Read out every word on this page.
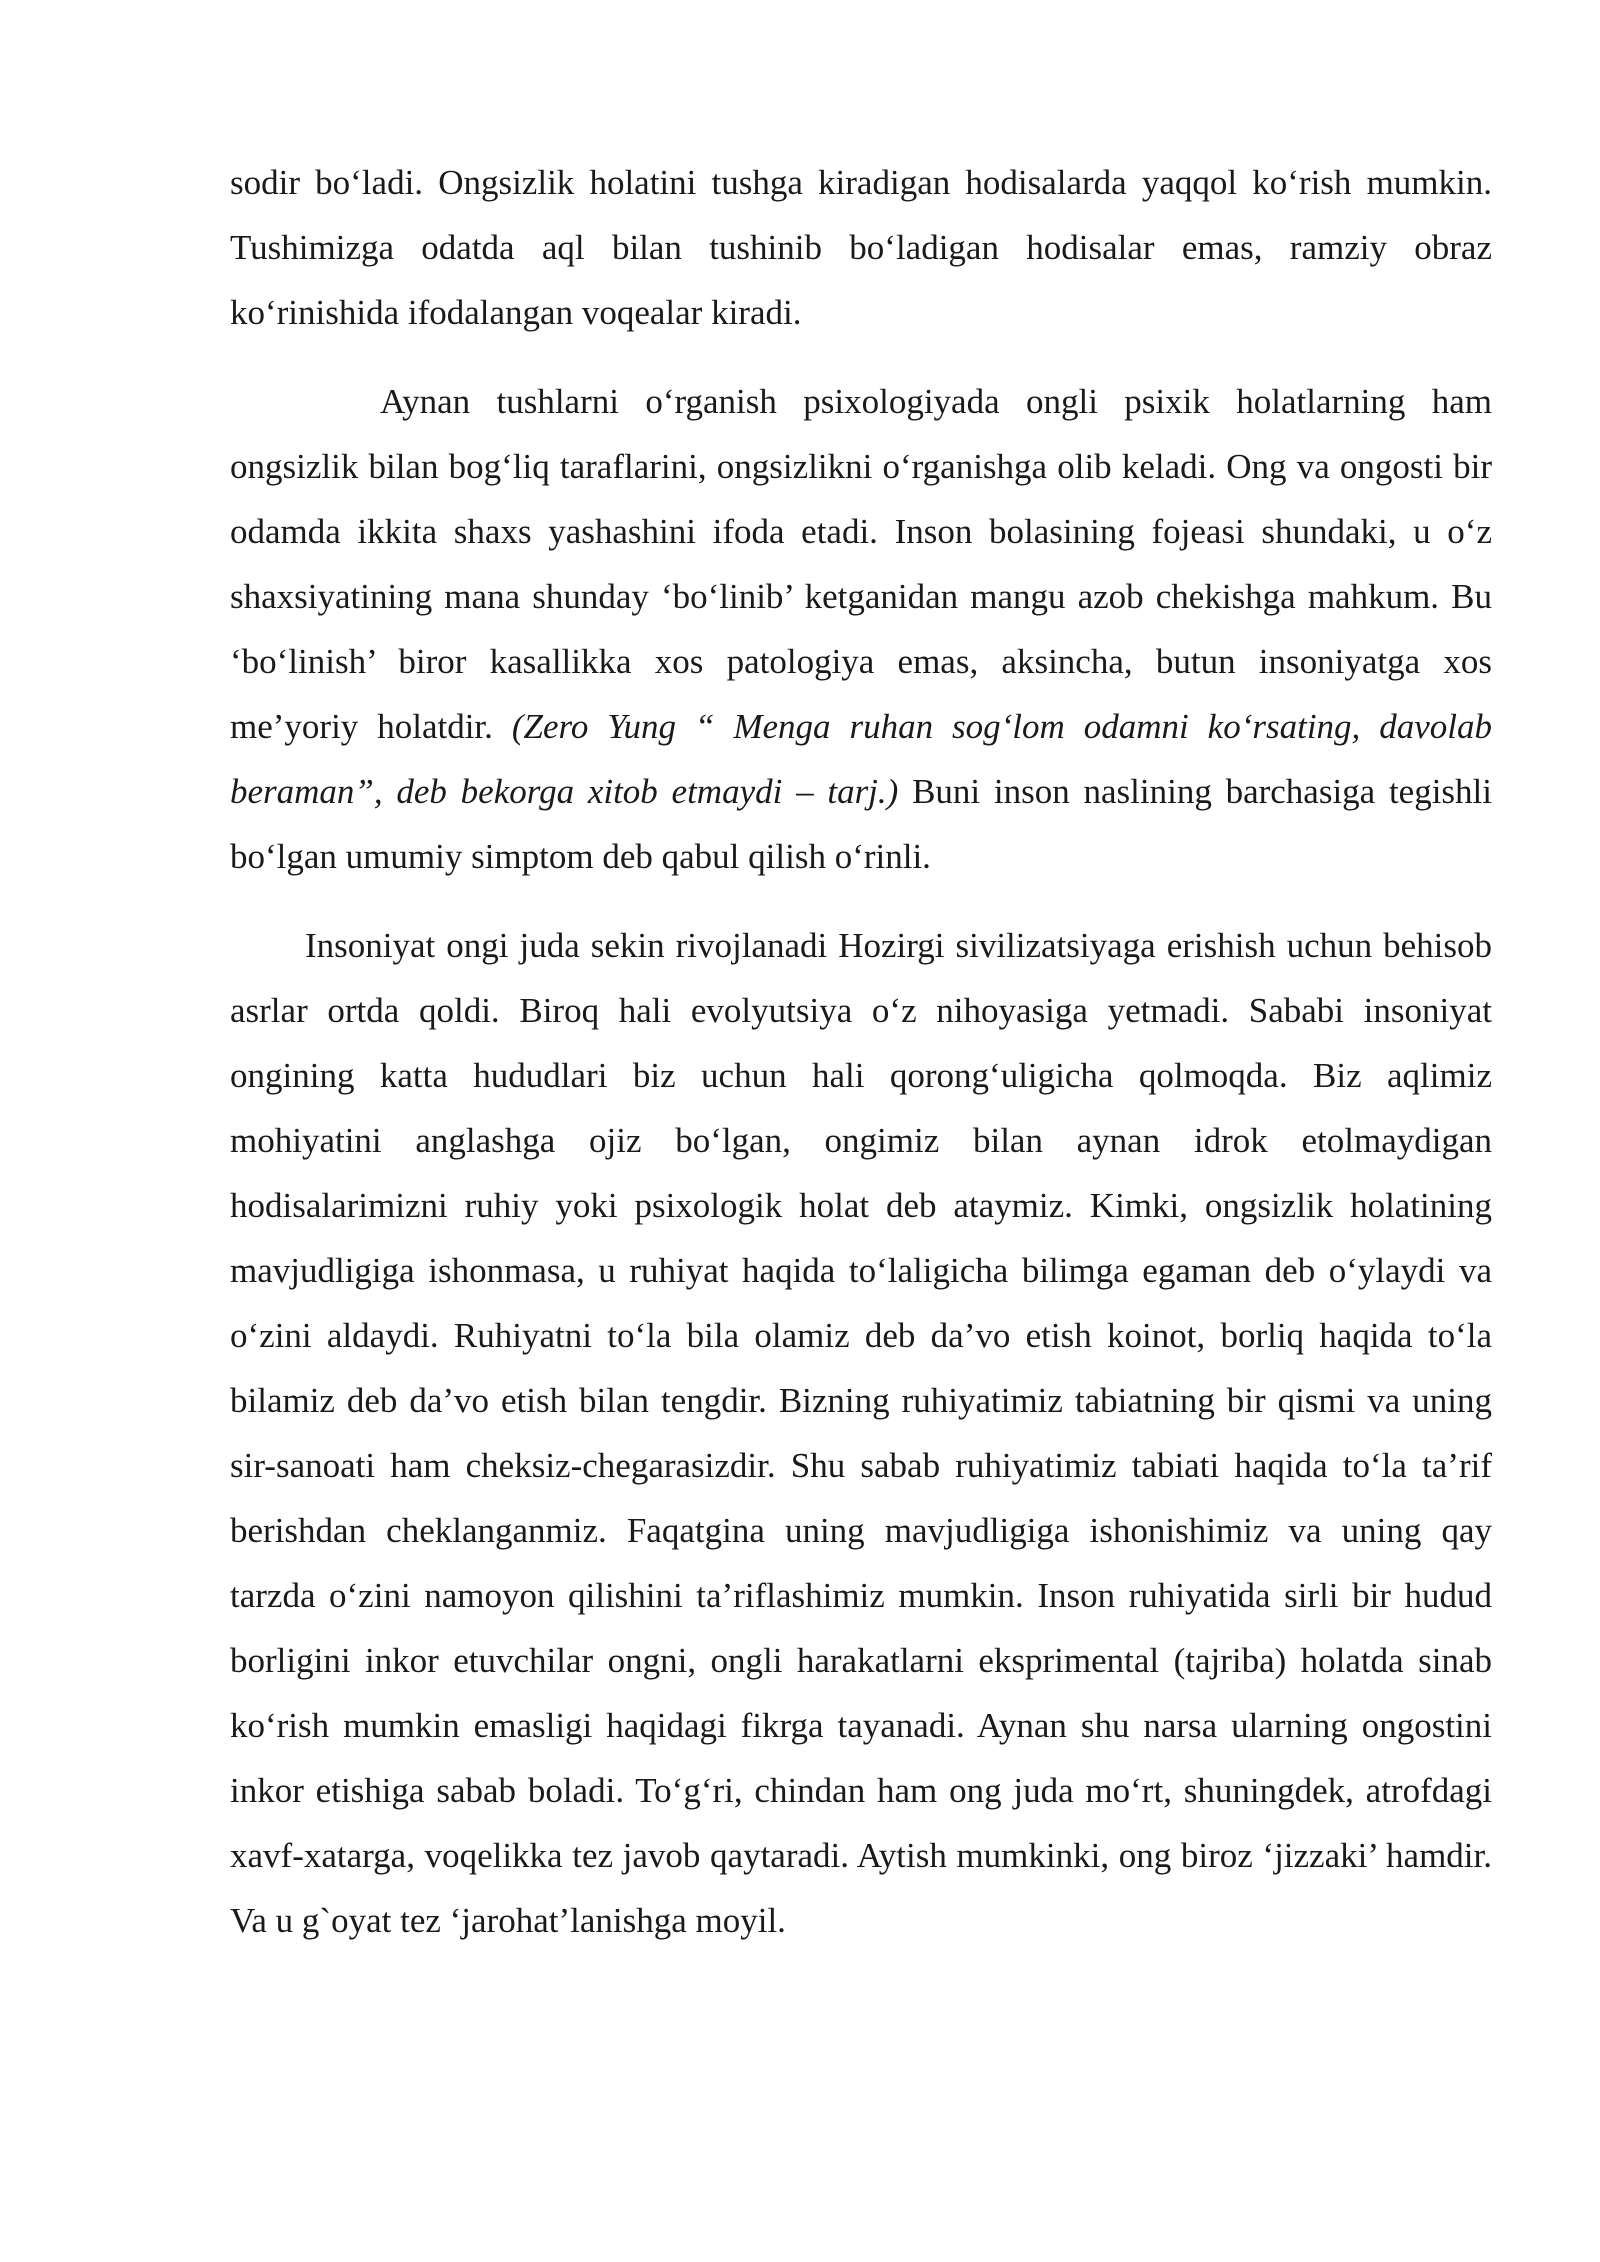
sodir bo‘ladi. Ongsizlik holatini tushga kiradigan hodisalarda yaqqol ko‘rish mumkin. Tushimizga odatda aql bilan tushinib bo‘ladigan hodisalar emas, ramziy obraz ko‘rinishida ifodalangan voqealar kiradi.

Aynan tushlarni o‘rganish psixologiyada ongli psixik holatlarning ham ongsizlik bilan bog‘liq taraflarini, ongsizlikni o‘rganishga olib keladi. Ong va ongosti bir odamda ikkita shaxs yashashini ifoda etadi. Inson bolasining fojeasi shundaki, u o‘z shaxsiyatining mana shunday ‘bo‘linib’ ketganidan mangu azob chekishga mahkum. Bu ‘bo‘linish’ biror kasallikka xos patologiya emas, aksincha, butun insoniyatga xos me’yoriy holatdir. (Zero Yung “ Menga ruhan sog‘lom odamni ko‘rsating, davolab beraman”, deb bekorga xitob etmaydi – tarj.) Buni inson naslining barchasiga tegishli bo‘lgan umumiy simptom deb qabul qilish o‘rinli.

Insoniyat ongi juda sekin rivojlanadi Hozirgi sivilizatsiyaga erishish uchun behisob asrlar ortda qoldi. Biroq hali evolyutsiya o‘z nihoyasiga yetmadi. Sababi insoniyat ongining katta hududlari biz uchun hali qorong‘uligicha qolmoqda. Biz aqlimiz mohiyatini anglashga ojiz bo‘lgan, ongimiz bilan aynan idrok etolmaydigan hodisalarimizni ruhiy yoki psixologik holat deb ataymiz. Kimki, ongsizlik holatining mavjudligiga ishonmasa, u ruhiyat haqida to‘laligicha bilimga egaman deb o‘ylaydi va o‘zini aldaydi. Ruhiyatni to‘la bila olamiz deb da’vo etish koinot, borliq haqida to‘la bilamiz deb da’vo etish bilan tengdir. Bizning ruhiyatimiz tabiatning bir qismi va uning sir-sanoati ham cheksiz-chegarasizdir. Shu sabab ruhiyatimiz tabiati haqida to‘la ta’rif berishdan cheklanganmiz. Faqatgina uning mavjudligiga ishonishimiz va uning qay tarzda o‘zini namoyon qilishini ta’riflashimiz mumkin. Inson ruhiyatida sirli bir hudud borligini inkor etuvchilar ongni, ongli harakatlarni eksprimental (tajriba) holatda sinab ko‘rish mumkin emasligi haqidagi fikrga tayanadi. Aynan shu narsa ularning ongostini inkor etishiga sabab boladi. To‘g‘ri, chindan ham ong juda mo‘rt, shuningdek, atrofdagi xavf-xatarga, voqelikka tez javob qaytaradi. Aytish mumkinki, ong biroz ‘jizzaki’ hamdir. Va u g`oyat tez ‘jarohat’lanishga moyil.
